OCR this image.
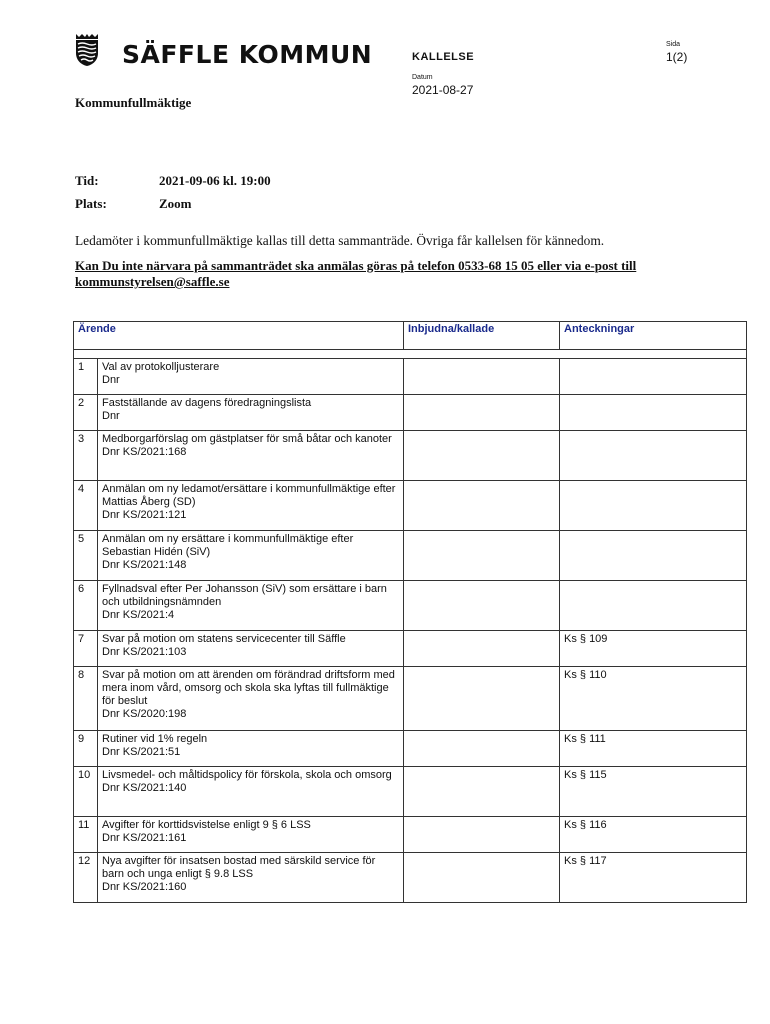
SÄFFLE KOMMUN
Kommunfullmäktige
KALLELSE
Datum
2021-08-27
Sida
1(2)
Tid:	2021-09-06 kl. 19:00
Plats:	Zoom
Ledamöter i kommunfullmäktige kallas till detta sammanträde. Övriga får kallelsen för kännedom.
Kan Du inte närvara på sammanträdet ska anmälas göras på telefon 0533-68 15 05 eller via e-post till kommunstyrelsen@saffle.se
Ärende		Inbjudna/kallade	Anteckningar

1	Val av protokolljusterare
Dnr		

2	Fastställande av dagens föredragningslista
Dnr		

3	Medborgarförslag om gästplatser för små båtar och kanoter
Dnr KS/2021:168		

4	Anmälan om ny ledamot/ersättare i kommunfullmäktige efter Mattias Åberg (SD)
Dnr KS/2021:121		

5	Anmälan om ny ersättare i kommunfullmäktige efter Sebastian Hidén (SiV)
Dnr KS/2021:148		

6	Fyllnadsval efter Per Johansson (SiV) som ersättare i barn och utbildningsnämnden
Dnr KS/2021:4		

7	Svar på motion om statens servicecenter till Säffle
Dnr KS/2021:103		Ks § 109
8	Svar på motion om att ärenden om förändrad driftsform med mera inom vård, omsorg och skola ska lyftas till fullmäktige för beslut
Dnr KS/2020:198		Ks § 110
9	Rutiner vid 1% regeln
Dnr KS/2021:51		Ks § 111
10	Livsmedel- och måltidspolicy för förskola, skola och omsorg
Dnr KS/2021:140		Ks § 115
11	Avgifter för korttidsvistelse enligt 9 § 6 LSS
Dnr KS/2021:161		Ks § 116
12	Nya avgifter för insatsen bostad med särskild service för barn och unga enligt § 9.8 LSS
Dnr KS/2021:160		Ks § 117
